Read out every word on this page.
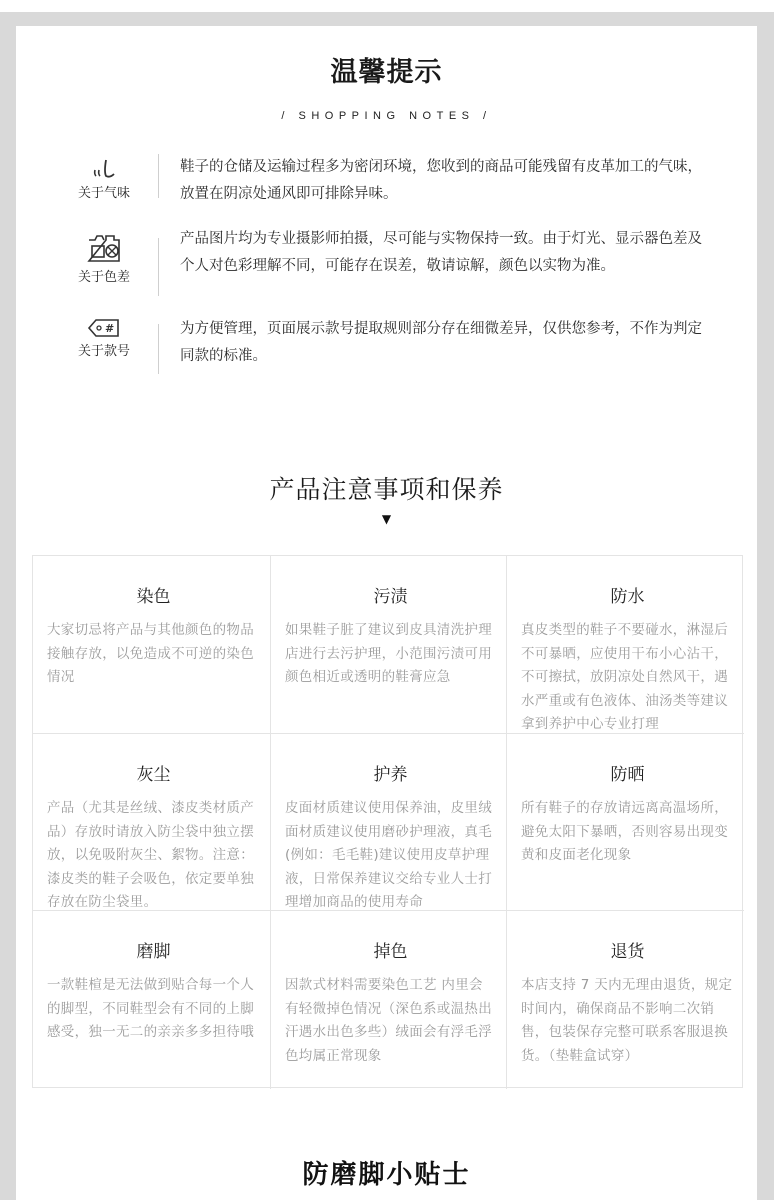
温馨提示
/ SHOPPING NOTES /
关于气味
鞋子的仓储及运输过程多为密闭环境，您收到的商品可能残留有皮革加工的气味，放置在阴凉处通风即可排除异味。
关于色差
产品图片均为专业摄影师拍摄，尽可能与实物保持一致。由于灯光、显示器色差及个人对色彩理解不同，可能存在误差，敬请谅解，颜色以实物为准。
#
关于款号
为方便管理，页面展示款号提取规则部分存在细微差异，仅供您参考，不作为判定同款的标准。
产品注意事项和保养
▼
染色
大家切忌将产品与其他颜色的物品接触存放，以免造成不可逆的染色情况
污渍
如果鞋子脏了建议到皮具清洗护理店进行去污护理，小范围污渍可用颜色相近或透明的鞋膏应急
防水
真皮类型的鞋子不要碰水，淋湿后不可暴晒，应使用干布小心沾干，不可擦拭，放阴凉处自然风干，遇水严重或有色液体、油汤类等建议拿到养护中心专业打理
灰尘
产品（尤其是丝绒、漆皮类材质产品）存放时请放入防尘袋中独立摆放，以免吸附灰尘、絮物。注意：漆皮类的鞋子会吸色，依定要单独存放在防尘袋里。
护养
皮面材质建议使用保养油，皮里绒面材质建议使用磨砂护理液，真毛(例如：毛毛鞋)建议使用皮草护理液，日常保养建议交给专业人士打理增加商品的使用寿命
防晒
所有鞋子的存放请远离高温场所，避免太阳下暴晒，否则容易出现变黄和皮面老化现象
磨脚
一款鞋楦是无法做到贴合每一个人的脚型，不同鞋型会有不同的上脚感受，独一无二的亲亲多多担待哦
掉色
因款式材料需要染色工艺 内里会有轻微掉色情况（深色系或温热出汗遇水出色多些）绒面会有浮毛浮色均属正常现象
退货
本店支持 7 天内无理由退货，规定时间内，确保商品不影响二次销售，包装保存完整可联系客服退换货。（垫鞋盒试穿）
防磨脚小贴士
